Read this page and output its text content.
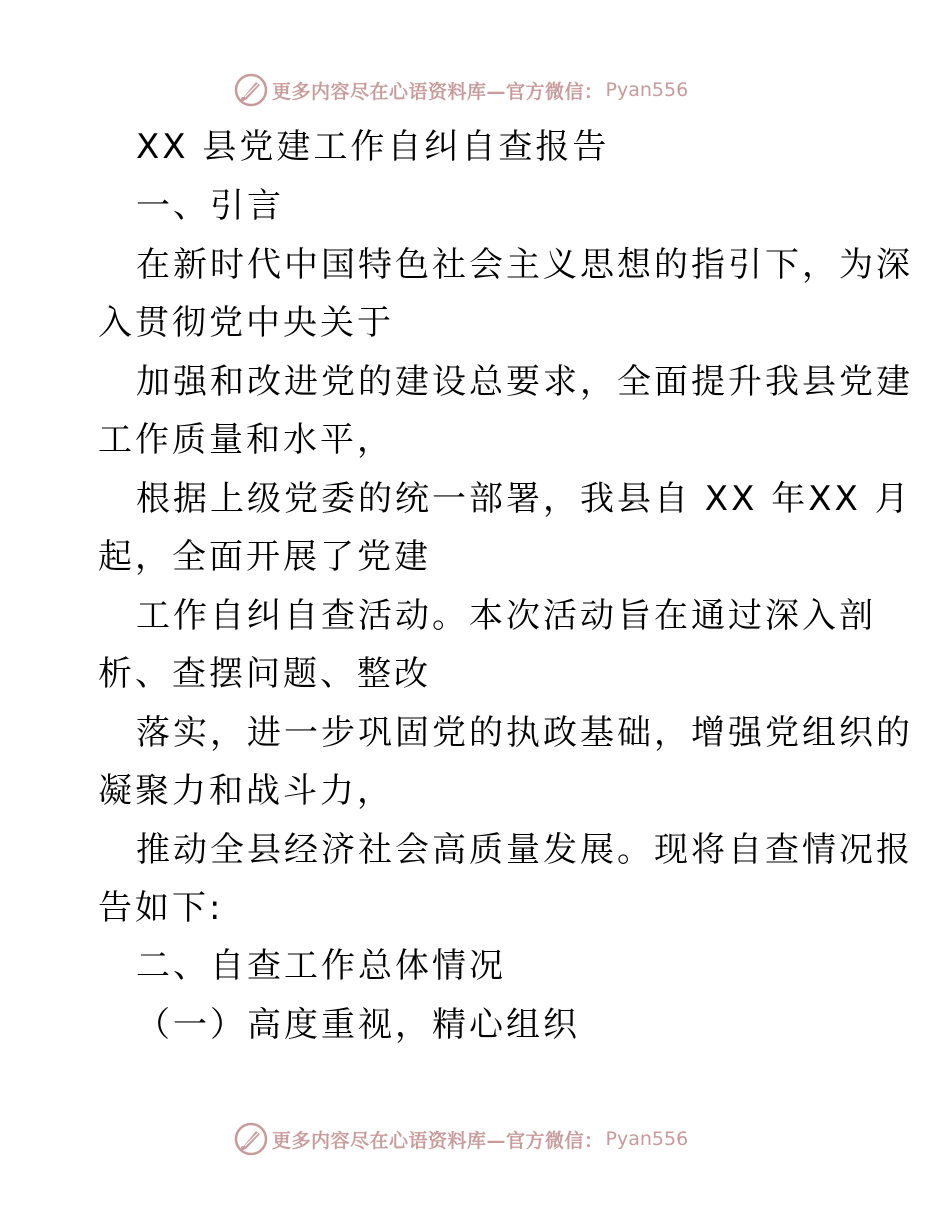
更多内容尽在心语资料库—官方微信： Pyan556
XX 县党建工作自纠自查报告
一、引言
在新时代中国特色社会主义思想的指引下，为深
入贯彻党中央关于
加强和改进党的建设总要求，全面提升我县党建
工作质量和水平，
根据上级党委的统一部署，我县自 XX 年XX 月
起，全面开展了党建
工作自纠自查活动。本次活动旨在通过深入剖
析、查摆问题、整改
落实，进一步巩固党的执政基础，增强党组织的
凝聚力和战斗力，
推动全县经济社会高质量发展。现将自查情况报
告如下:
二、自查工作总体情况
（一）高度重视，精心组织
更多内容尽在心语资料库—官方微信： Pyan556
